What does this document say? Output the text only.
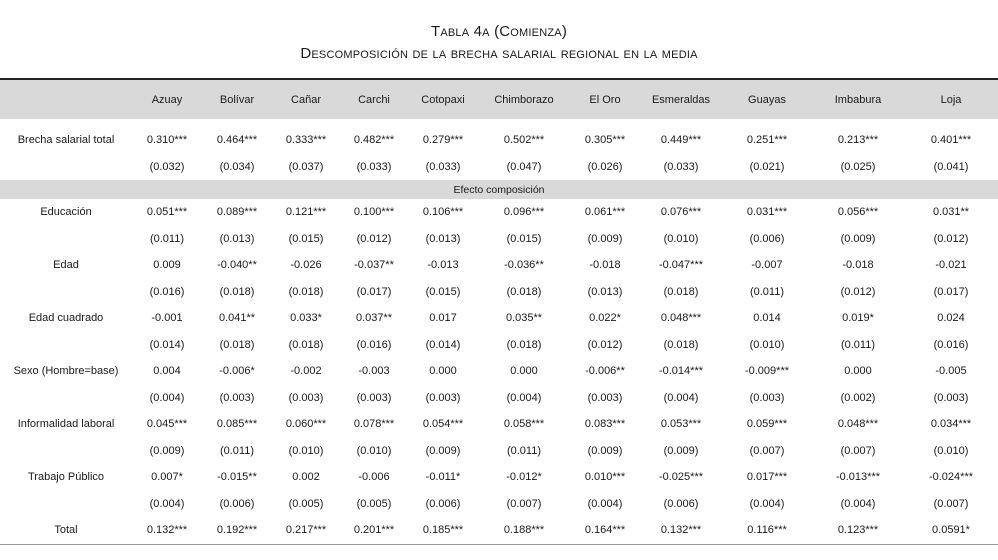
Tabla 4a (Comienza)
Descomposición de la brecha salarial regional en la media
	Azuay	Bolívar	Cañar	Carchi	Cotopaxi	Chimborazo	El Oro	Esmeraldas	Guayas	Imbabura	Loja
Brecha salarial total	0.310***	0.464***	0.333***	0.482***	0.279***	0.502***	0.305***	0.449***	0.251***	0.213***	0.401***
	(0.032)	(0.034)	(0.037)	(0.033)	(0.033)	(0.047)	(0.026)	(0.033)	(0.021)	(0.025)	(0.041)
Efecto composición											
Educación	0.051***	0.089***	0.121***	0.100***	0.106***	0.096***	0.061***	0.076***	0.031***	0.056***	0.031**
	(0.011)	(0.013)	(0.015)	(0.012)	(0.013)	(0.015)	(0.009)	(0.010)	(0.006)	(0.009)	(0.012)
Edad	0.009	-0.040**	-0.026	-0.037**	-0.013	-0.036**	-0.018	-0.047***	-0.007	-0.018	-0.021
	(0.016)	(0.018)	(0.018)	(0.017)	(0.015)	(0.018)	(0.013)	(0.018)	(0.011)	(0.012)	(0.017)
Edad cuadrado	-0.001	0.041**	0.033*	0.037**	0.017	0.035**	0.022*	0.048***	0.014	0.019*	0.024
	(0.014)	(0.018)	(0.018)	(0.016)	(0.014)	(0.018)	(0.012)	(0.018)	(0.010)	(0.011)	(0.016)
Sexo (Hombre=base)	0.004	-0.006*	-0.002	-0.003	0.000	0.000	-0.006**	-0.014***	-0.009***	0.000	-0.005
	(0.004)	(0.003)	(0.003)	(0.003)	(0.003)	(0.004)	(0.003)	(0.004)	(0.003)	(0.002)	(0.003)
Informalidad laboral	0.045***	0.085***	0.060***	0.078***	0.054***	0.058***	0.083***	0.053***	0.059***	0.048***	0.034***
	(0.009)	(0.011)	(0.010)	(0.010)	(0.009)	(0.011)	(0.009)	(0.009)	(0.007)	(0.007)	(0.010)
Trabajo Público	0.007*	-0.015**	0.002	-0.006	-0.011*	-0.012*	0.010***	-0.025***	0.017***	-0.013***	-0.024***
	(0.004)	(0.006)	(0.005)	(0.005)	(0.006)	(0.007)	(0.004)	(0.006)	(0.004)	(0.004)	(0.007)
Total	0.132***	0.192***	0.217***	0.201***	0.185***	0.188***	0.164***	0.132***	0.116***	0.123***	0.0591*
